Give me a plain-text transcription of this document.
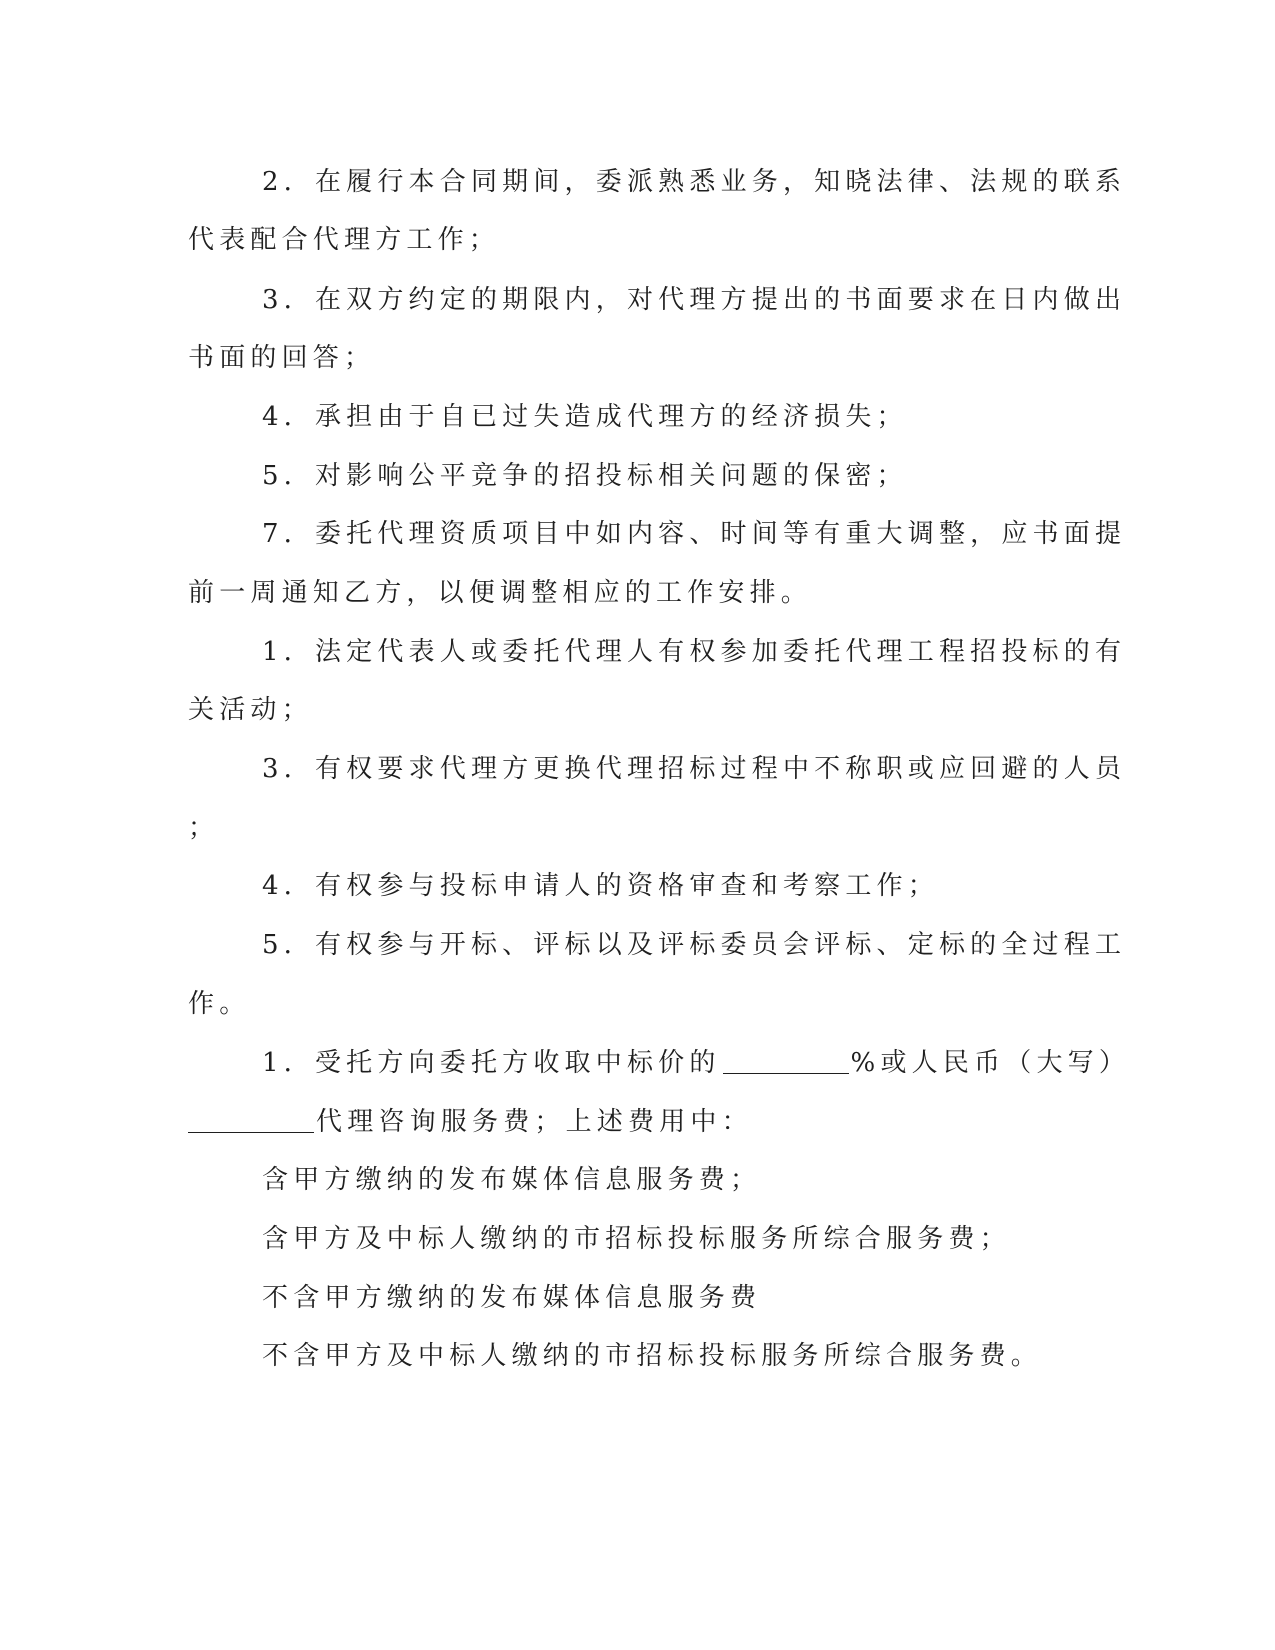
2．在履行本合同期间，委派熟悉业务，知晓法律、法规的联系
代表配合代理方工作；
3．在双方约定的期限内，对代理方提出的书面要求在日内做出
书面的回答；
4．承担由于自已过失造成代理方的经济损失；
5．对影响公平竞争的招投标相关问题的保密；
7．委托代理资质项目中如内容、时间等有重大调整，应书面提
前一周通知乙方，以便调整相应的工作安排。
1．法定代表人或委托代理人有权参加委托代理工程招投标的有
关活动；
3．有权要求代理方更换代理招标过程中不称职或应回避的人员
；
4．有权参与投标申请人的资格审查和考察工作；
5．有权参与开标、评标以及评标委员会评标、定标的全过程工
作。
1．受托方向委托方收取中标价的	%或人民币（大写）
代理咨询服务费；上述费用中：
含甲方缴纳的发布媒体信息服务费；
含甲方及中标人缴纳的市招标投标服务所综合服务费；
不含甲方缴纳的发布媒体信息服务费
不含甲方及中标人缴纳的市招标投标服务所综合服务费。
